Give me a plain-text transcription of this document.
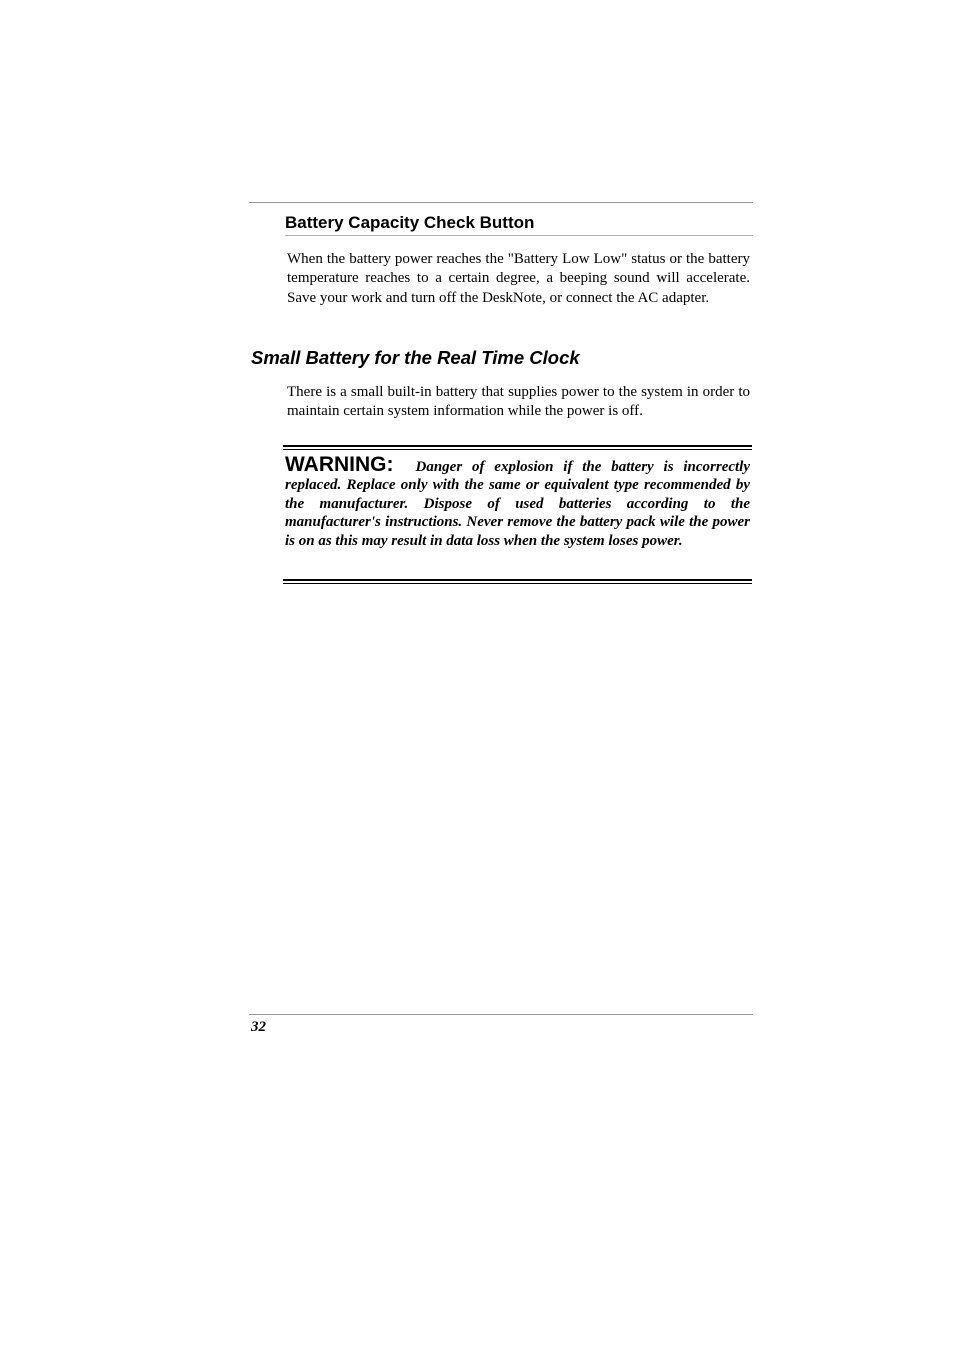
Battery Capacity Check Button

When the battery power reaches the "Battery Low Low" status or the battery temperature reaches to a certain degree, a beeping sound will accelerate. Save your work and turn off the DeskNote, or connect the AC adapter.

Small Battery for the Real Time Clock

There is a small built-in battery that supplies power to the system in order to maintain certain system information while the power is off.

WARNING: Danger of explosion if the battery is incorrectly replaced. Replace only with the same or equivalent type recommended by the manufacturer. Dispose of used batteries according to the manufacturer's instructions. Never remove the battery pack wile the power is on as this may result in data loss when the system loses power.

32
